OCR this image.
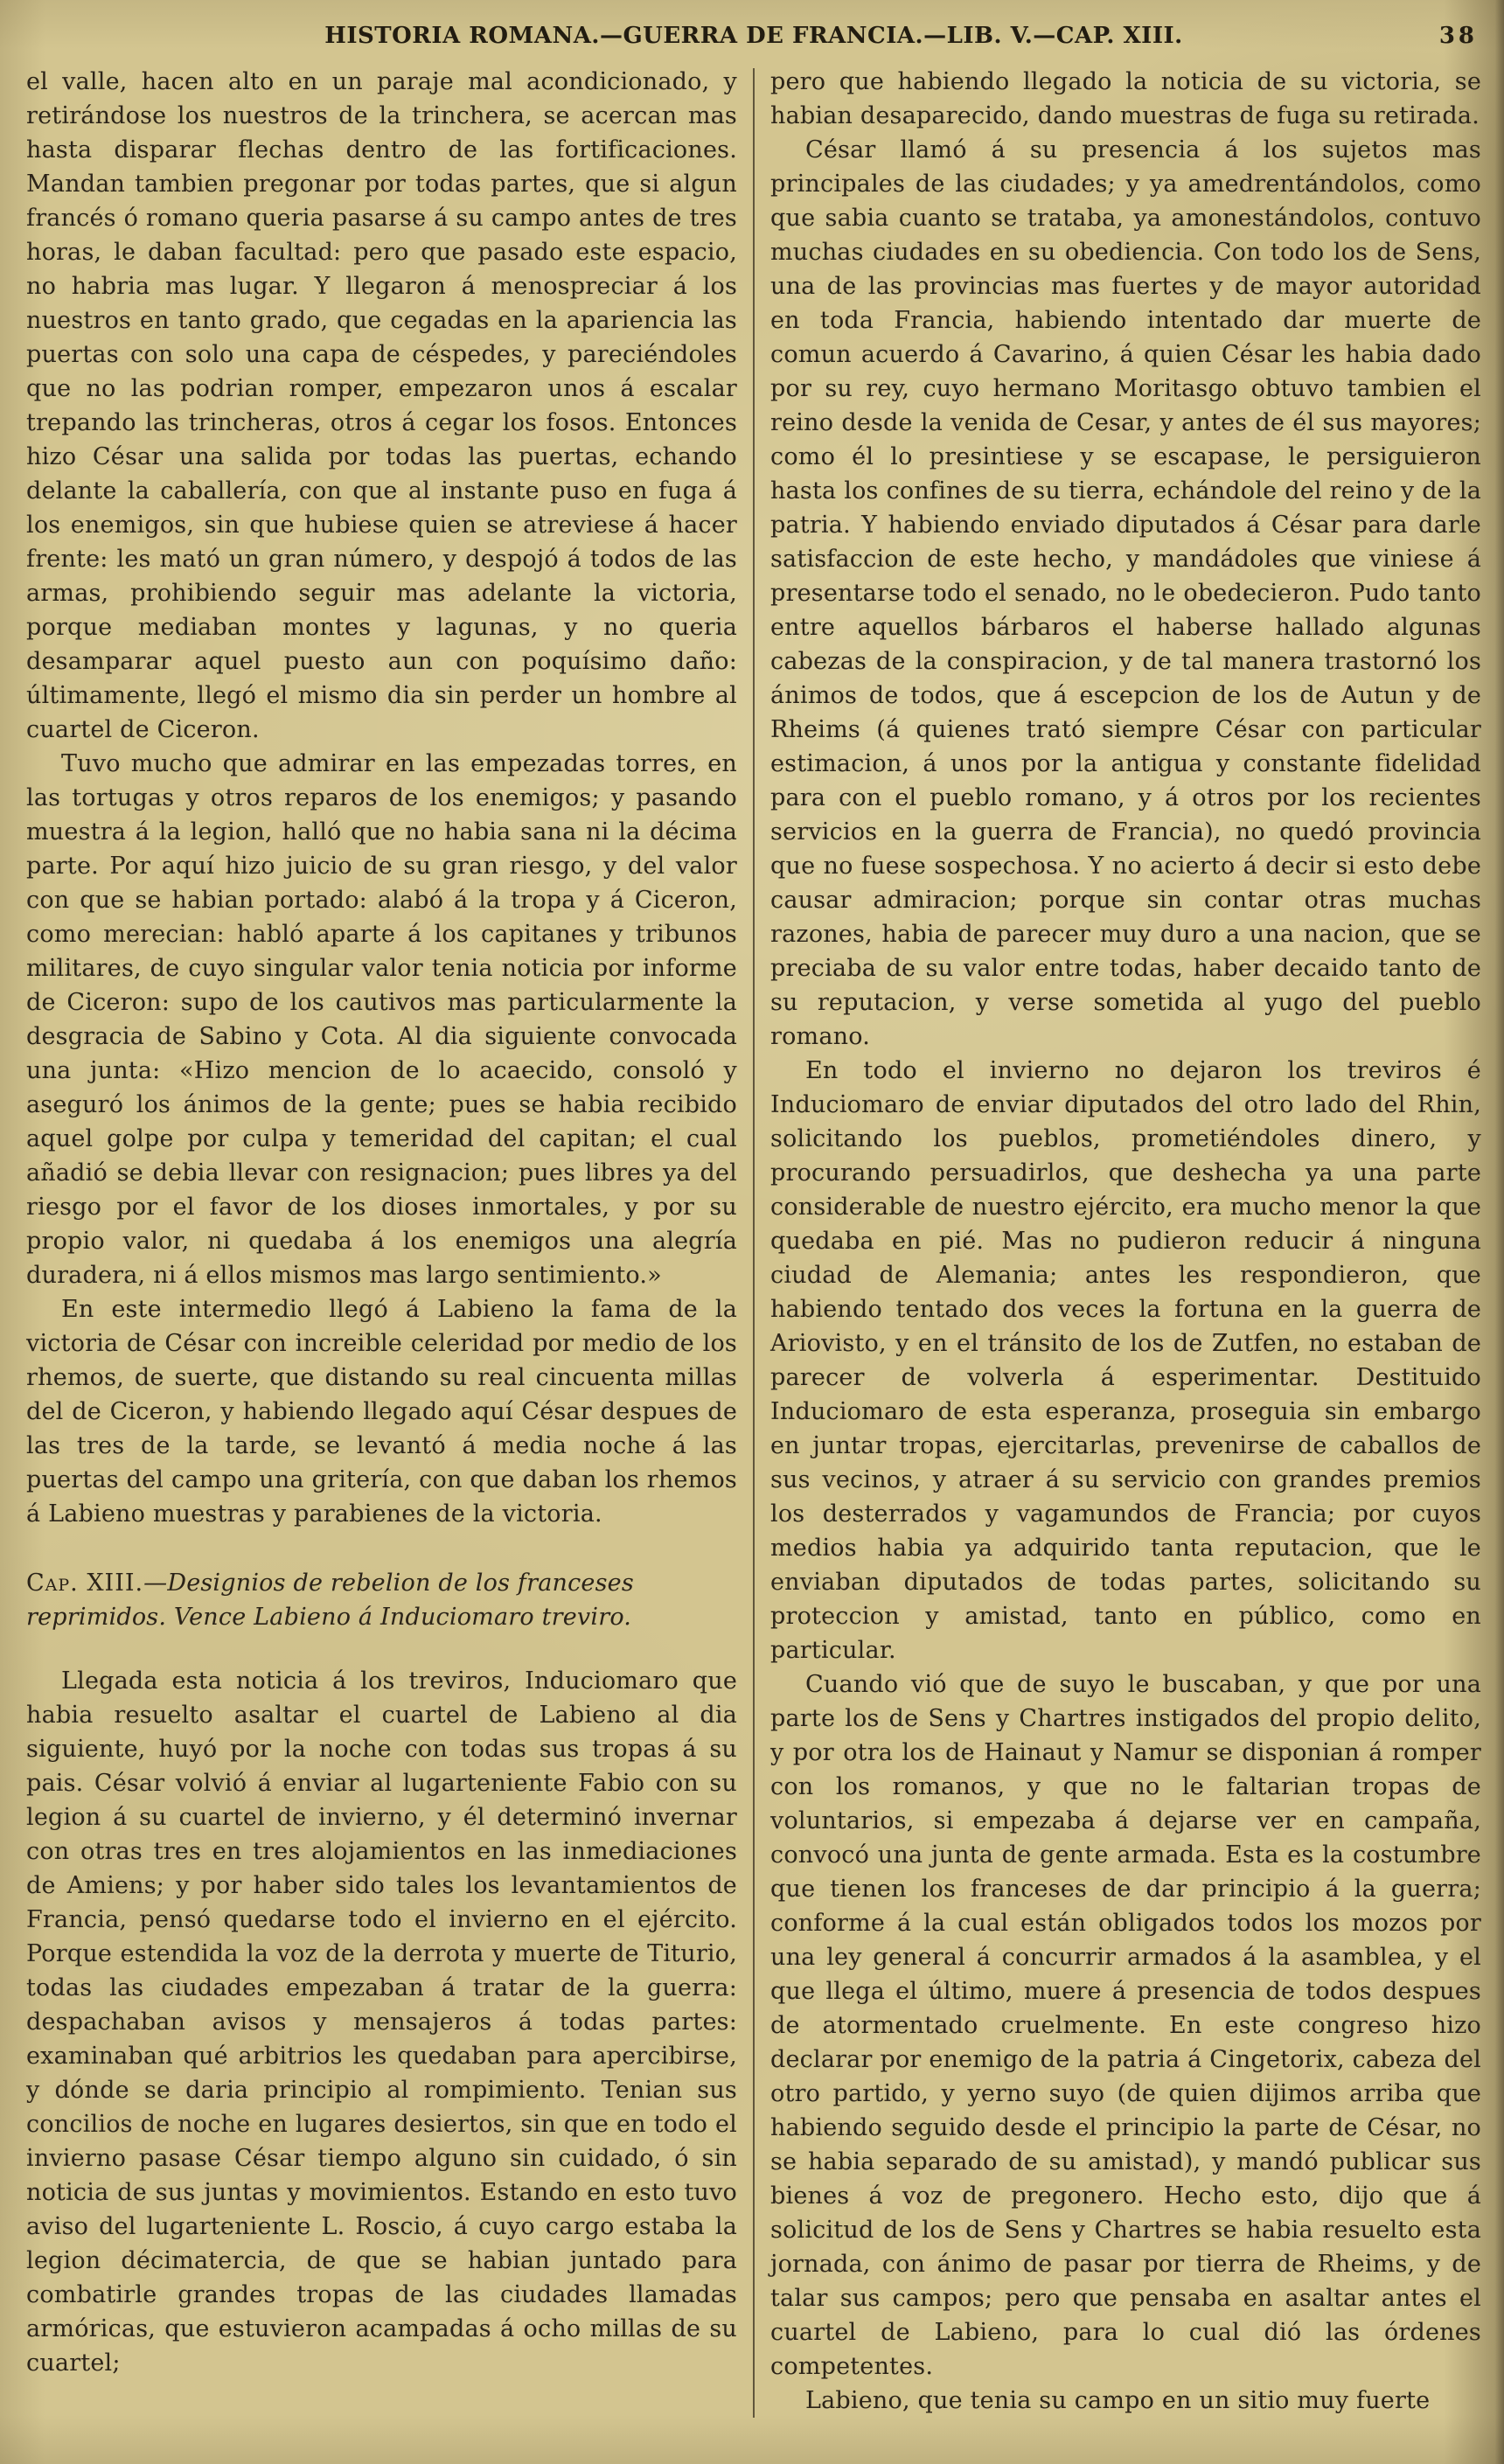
HISTORIA ROMANA.—GUERRA DE FRANCIA.—LIB. V.—CAP. XIII.	38

el valle, hacen alto en un paraje mal acondicionado, y retirándose los nuestros de la trinchera, se acercan mas hasta disparar flechas dentro de las fortificaciones. Mandan tambien pregonar por todas partes, que si algun francés ó romano queria pasarse á su campo antes de tres horas, le daban facultad: pero que pasado este espacio, no habria mas lugar. Y llegaron á menospreciar á los nuestros en tanto grado, que cegadas en la apariencia las puertas con solo una capa de céspedes, y pareciéndoles que no las podrian romper, empezaron unos á escalar trepando las trincheras, otros á cegar los fosos. Entonces hizo César una salida por todas las puertas, echando delante la caballería, con que al instante puso en fuga á los enemigos, sin que hubiese quien se atreviese á hacer frente: les mató un gran número, y despojó á todos de las armas, prohibiendo seguir mas adelante la victoria, porque mediaban montes y lagunas, y no queria desamparar aquel puesto aun con poquísimo daño: últimamente, llegó el mismo dia sin perder un hombre al cuartel de Ciceron.

Tuvo mucho que admirar en las empezadas torres, en las tortugas y otros reparos de los enemigos; y pasando muestra á la legion, halló que no habia sana ni la décima parte. Por aquí hizo juicio de su gran riesgo, y del valor con que se habian portado: alabó á la tropa y á Ciceron, como merecian: habló aparte á los capitanes y tribunos militares, de cuyo singular valor tenia noticia por informe de Ciceron: supo de los cautivos mas particularmente la desgracia de Sabino y Cota. Al dia siguiente convocada una junta: «Hizo mencion de lo acaecido, consoló y aseguró los ánimos de la gente; pues se habia recibido aquel golpe por culpa y temeridad del capitan; el cual añadió se debia llevar con resignacion; pues libres ya del riesgo por el favor de los dioses inmortales, y por su propio valor, ni quedaba á los enemigos una alegría duradera, ni á ellos mismos mas largo sentimiento.»

En este intermedio llegó á Labieno la fama de la victoria de César con increible celeridad por medio de los rhemos, de suerte, que distando su real cincuenta millas del de Ciceron, y habiendo llegado aquí César despues de las tres de la tarde, se levantó á media noche á las puertas del campo una gritería, con que daban los rhemos á Labieno muestras y parabienes de la victoria.

Cap. XIII.—Designios de rebelion de los franceses reprimidos. Vence Labieno á Induciomaro treviro.

Llegada esta noticia á los treviros, Induciomaro que habia resuelto asaltar el cuartel de Labieno al dia siguiente, huyó por la noche con todas sus tropas á su pais. César volvió á enviar al lugarteniente Fabio con su legion á su cuartel de invierno, y él determinó invernar con otras tres en tres alojamientos en las inmediaciones de Amiens; y por haber sido tales los levantamientos de Francia, pensó quedarse todo el invierno en el ejército. Porque estendida la voz de la derrota y muerte de Titurio, todas las ciudades empezaban á tratar de la guerra: despachaban avisos y mensajeros á todas partes: examinaban qué arbitrios les quedaban para apercibirse, y dónde se daria principio al rompimiento. Tenian sus concilios de noche en lugares desiertos, sin que en todo el invierno pasase César tiempo alguno sin cuidado, ó sin noticia de sus juntas y movimientos. Estando en esto tuvo aviso del lugarteniente L. Roscio, á cuyo cargo estaba la legion décimatercia, de que se habian juntado para combatirle grandes tropas de las ciudades llamadas armóricas, que estuvieron acampadas á ocho millas de su cuartel;

pero que habiendo llegado la noticia de su victoria, se habian desaparecido, dando muestras de fuga su retirada.

César llamó á su presencia á los sujetos mas principales de las ciudades; y ya amedrentándolos, como que sabia cuanto se trataba, ya amonestándolos, contuvo muchas ciudades en su obediencia. Con todo los de Sens, una de las provincias mas fuertes y de mayor autoridad en toda Francia, habiendo intentado dar muerte de comun acuerdo á Cavarino, á quien César les habia dado por su rey, cuyo hermano Moritasgo obtuvo tambien el reino desde la venida de Cesar, y antes de él sus mayores; como él lo presintiese y se escapase, le persiguieron hasta los confines de su tierra, echándole del reino y de la patria. Y habiendo enviado diputados á César para darle satisfaccion de este hecho, y mandádoles que viniese á presentarse todo el senado, no le obedecieron. Pudo tanto entre aquellos bárbaros el haberse hallado algunas cabezas de la conspiracion, y de tal manera trastornó los ánimos de todos, que á escepcion de los de Autun y de Rheims (á quienes trató siempre César con particular estimacion, á unos por la antigua y constante fidelidad para con el pueblo romano, y á otros por los recientes servicios en la guerra de Francia), no quedó provincia que no fuese sospechosa. Y no acierto á decir si esto debe causar admiracion; porque sin contar otras muchas razones, habia de parecer muy duro a una nacion, que se preciaba de su valor entre todas, haber decaido tanto de su reputacion, y verse sometida al yugo del pueblo romano.

En todo el invierno no dejaron los treviros é Induciomaro de enviar diputados del otro lado del Rhin, solicitando los pueblos, prometiéndoles dinero, y procurando persuadirlos, que deshecha ya una parte considerable de nuestro ejército, era mucho menor la que quedaba en pié. Mas no pudieron reducir á ninguna ciudad de Alemania; antes les respondieron, que habiendo tentado dos veces la fortuna en la guerra de Ariovisto, y en el tránsito de los de Zutfen, no estaban de parecer de volverla á esperimentar. Destituido Induciomaro de esta esperanza, proseguia sin embargo en juntar tropas, ejercitarlas, prevenirse de caballos de sus vecinos, y atraer á su servicio con grandes premios los desterrados y vagamundos de Francia; por cuyos medios habia ya adquirido tanta reputacion, que le enviaban diputados de todas partes, solicitando su proteccion y amistad, tanto en público, como en particular.

Cuando vió que de suyo le buscaban, y que por una parte los de Sens y Chartres instigados del propio delito, y por otra los de Hainaut y Namur se disponian á romper con los romanos, y que no le faltarian tropas de voluntarios, si empezaba á dejarse ver en campaña, convocó una junta de gente armada. Esta es la costumbre que tienen los franceses de dar principio á la guerra; conforme á la cual están obligados todos los mozos por una ley general á concurrir armados á la asamblea, y el que llega el último, muere á presencia de todos despues de atormentado cruelmente. En este congreso hizo declarar por enemigo de la patria á Cingetorix, cabeza del otro partido, y yerno suyo (de quien dijimos arriba que habiendo seguido desde el principio la parte de César, no se habia separado de su amistad), y mandó publicar sus bienes á voz de pregonero. Hecho esto, dijo que á solicitud de los de Sens y Chartres se habia resuelto esta jornada, con ánimo de pasar por tierra de Rheims, y de talar sus campos; pero que pensaba en asaltar antes el cuartel de Labieno, para lo cual dió las órdenes competentes.

Labieno, que tenia su campo en un sitio muy fuerte
